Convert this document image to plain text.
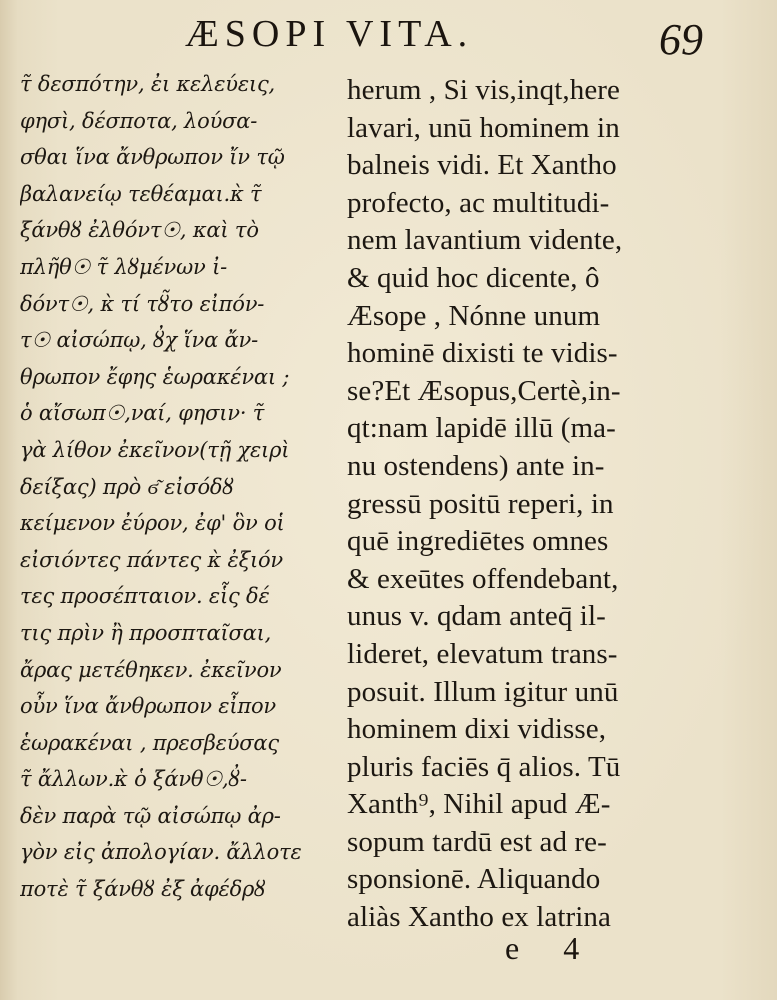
ÆSOPI VITA.	69
τ̃ δεσπότην, ἐι κελεύεις,
φησὶ, δέσποτα, λούσα-
σθαι ἵνα ἄνθρωπον ἴν τῷ
βαλανείῳ τεθέαμαι.κ̀ τ̃
ξάνθȣ ἐλθόντ☉, καὶ τὸ
πλῆθ☉ τ̃ λȣμένων ἰ-
δόντ☉, κ̀ τί τȣ̃το εἰπόν-
τ☉ αἰσώπῳ, ȣ̓χ ἵνα ἄν-
θρωπον ἔφης ἑωρακέναι ;
ὁ αἴσωπ☉,ναί, φησιν· τ̃
γὰ λίθον ἐκεῖνον(τῇ χειρὶ
δείξας) πρὸ ϭ͂ εἰσόδȣ
κείμενον ἐύρον, ἐφ' ὃν οἱ
εἰσιόντες πάντες κ̀ ἐξιόν
τες προσέπταιον. εἷς δέ
τις πρὶν ἢ προσπταῖσαι,
ἄρας μετέθηκεν. ἐκεῖνον
οὖν ἵνα ἄνθρωπον εἶπον
ἑωρακέναι , πρεσβεύσας
τ̃ ἄλλων.κ̀ ὁ ξάνθ☉,ȣ̓-
δὲν παρὰ τῷ αἰσώπῳ ἀρ-
γὸν εἰς ἀπολογίαν. ἄλλοτε
ποτὲ τ̃ ξάνθȣ ἐξ ἀφέδρȣ
herum , Si vis,inqt,here
lavari, unū hominem in
balneis vidi. Et Xantho
profecto, ac multitudi-
nem lavantium vidente,
& quid hoc dicente, ô
Æsope , Nónne unum
hominē dixisti te vidis-
se?Et Æsopus,Certè,in-
qt:nam lapidē illū (ma-
nu ostendens) ante in-
gressū positū reperi, in
quē ingrediētes omnes
& exeūtes offendebant,
unus v. qdam anteq̄ il-
lideret, elevatum trans-
posuit. Illum igitur unū
hominem dixi vidisse,
pluris faciēs q̄ alios. Tū
Xanth⁹, Nihil apud Æ-
sopum tardū est ad re-
sponsionē. Aliquando
aliàs Xantho ex latrina
e 4
